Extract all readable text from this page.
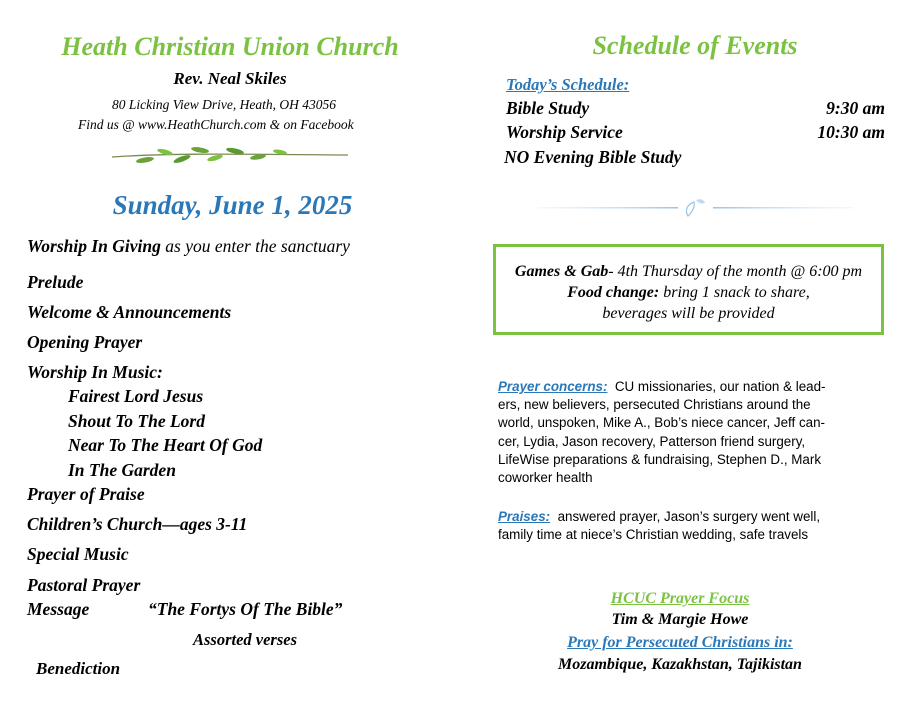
Heath Christian Union Church
Rev. Neal Skiles
80 Licking View Drive, Heath, OH 43056
Find us @ www.HeathChurch.com & on Facebook
Sunday, June 1, 2025
Worship In Giving as you enter the sanctuary
Prelude
Welcome & Announcements
Opening Prayer
Worship In Music:
Fairest Lord Jesus
Shout To The Lord
Near To The Heart Of God
In The Garden
Prayer of Praise
Children’s Church—ages 3-11
Special Music
Pastoral Prayer
Message	“The Fortys Of The Bible”
Assorted verses
Benediction
Schedule of Events
Today’s Schedule:
Bible Study	9:30 am
Worship Service	10:30 am
NO Evening Bible Study
Games & Gab- 4th Thursday of the month @ 6:00 pm
Food change: bring 1 snack to share,
beverages will be provided
Prayer concerns: CU missionaries, our nation & lead-
ers, new believers, persecuted Christians around the
world, unspoken, Mike A., Bob’s niece cancer, Jeff can-
cer, Lydia, Jason recovery, Patterson friend surgery,
LifeWise preparations & fundraising, Stephen D., Mark
coworker health
Praises: answered prayer, Jason’s surgery went well,
family time at niece’s Christian wedding, safe travels
HCUC Prayer Focus
Tim & Margie Howe
Pray for Persecuted Christians in:
Mozambique, Kazakhstan, Tajikistan
